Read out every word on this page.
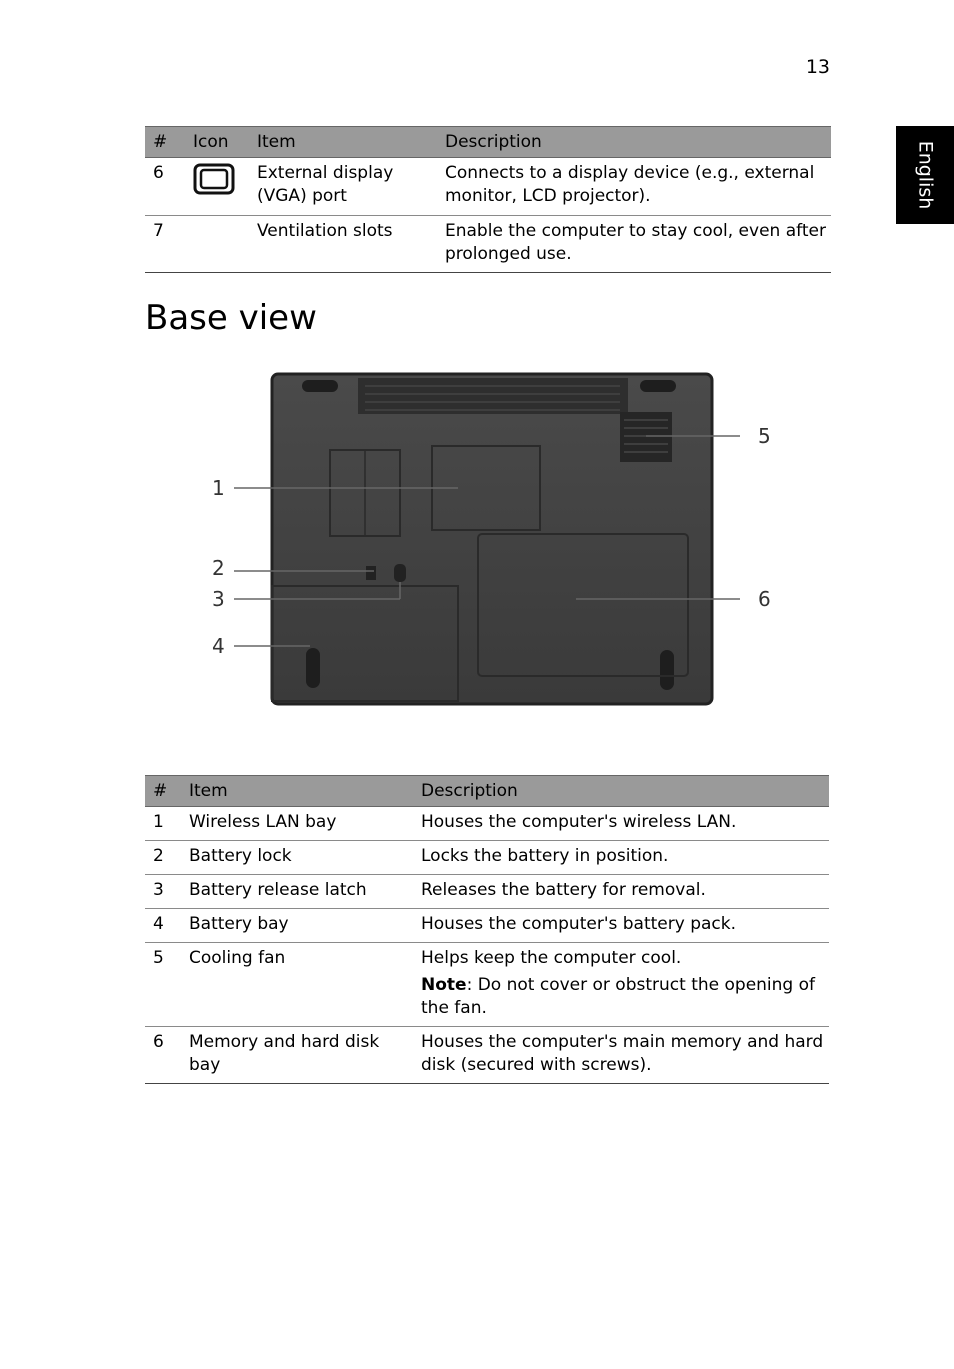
13
English
#	Icon	Item	Description
6		External display (VGA) port	Connects to a display device (e.g., external monitor, LCD projector).
7		Ventilation slots	Enable the computer to stay cool, even after prolonged use.
Base view
1
2
3
4
5
6
#	Item	Description
1	Wireless LAN bay	Houses the computer's wireless LAN.
2	Battery lock	Locks the battery in position.
3	Battery release latch	Releases the battery for removal.
4	Battery bay	Houses the computer's battery pack.
5	Cooling fan	Helps keep the computer cool.

Note: Do not cover or obstruct the opening of the fan.

6	Memory and hard disk bay	Houses the computer's main memory and hard disk (secured with screws).
